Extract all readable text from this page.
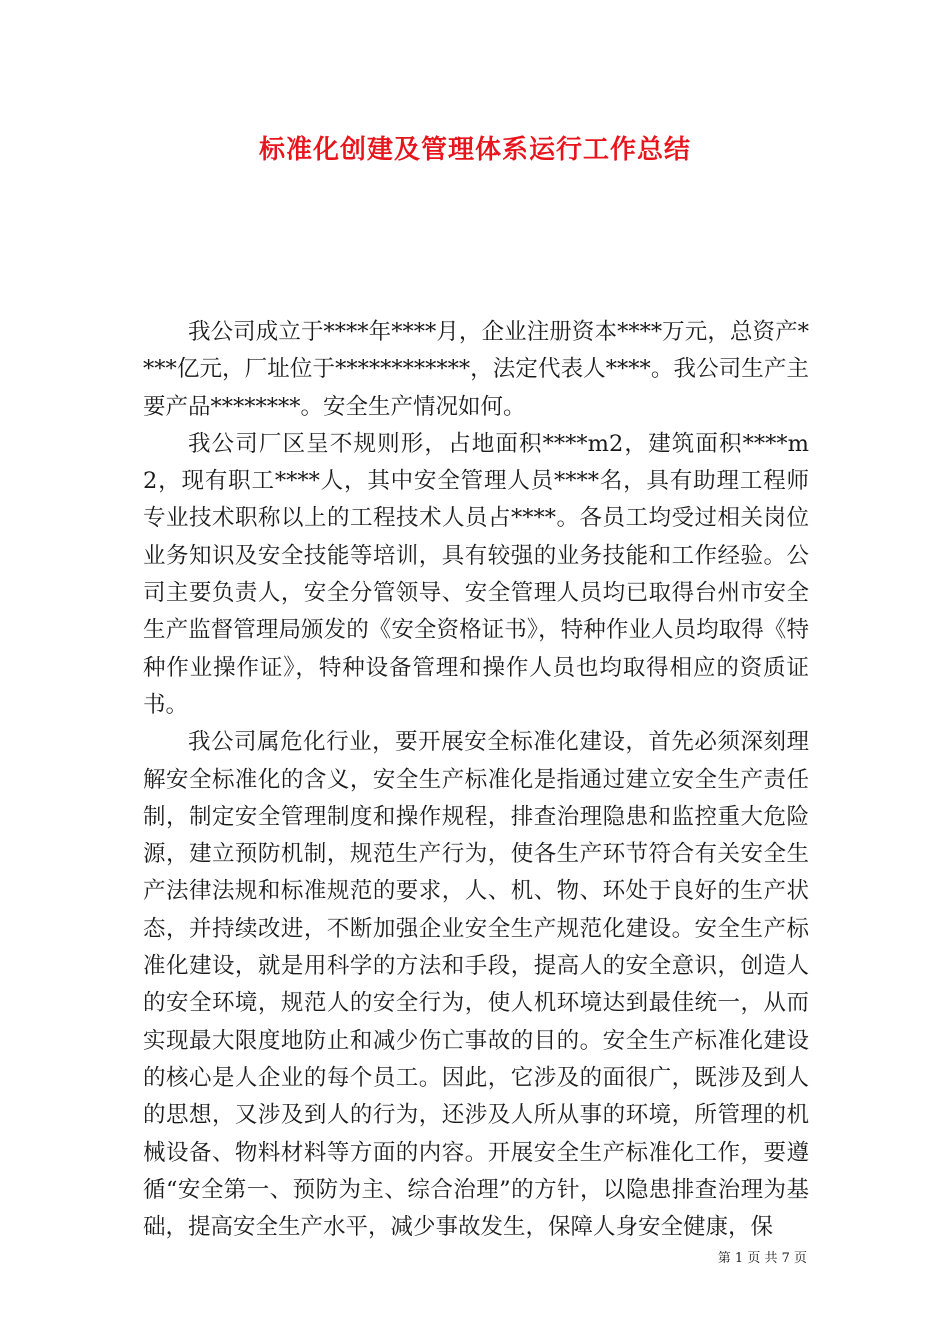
标准化创建及管理体系运行工作总结

我公司成立于****年****月，企业注册资本****万元，总资产****亿元，厂址位于************，法定代表人****。我公司生产主要产品********。安全生产情况如何。

我公司厂区呈不规则形，占地面积****m2，建筑面积****m2，现有职工****人，其中安全管理人员****名，具有助理工程师专业技术职称以上的工程技术人员占****。各员工均受过相关岗位业务知识及安全技能等培训，具有较强的业务技能和工作经验。公司主要负责人，安全分管领导、安全管理人员均已取得台州市安全生产监督管理局颁发的《安全资格证书》，特种作业人员均取得《特种作业操作证》，特种设备管理和操作人员也均取得相应的资质证书。

我公司属危化行业，要开展安全标准化建设，首先必须深刻理解安全标准化的含义，安全生产标准化是指通过建立安全生产责任制，制定安全管理制度和操作规程，排查治理隐患和监控重大危险源，建立预防机制，规范生产行为，使各生产环节符合有关安全生产法律法规和标准规范的要求，人、机、物、环处于良好的生产状态，并持续改进，不断加强企业安全生产规范化建设。安全生产标准化建设，就是用科学的方法和手段，提高人的安全意识，创造人的安全环境，规范人的安全行为，使人机环境达到最佳统一，从而实现最大限度地防止和减少伤亡事故的目的。安全生产标准化建设的核心是人企业的每个员工。因此，它涉及的面很广，既涉及到人的思想，又涉及到人的行为，还涉及人所从事的环境，所管理的机械设备、物料材料等方面的内容。开展安全生产标准化工作，要遵循“安全第一、预防为主、综合治理”的方针，以隐患排查治理为基础，提高安全生产水平，减少事故发生，保障人身安全健康，保

第 1 页 共 7 页
